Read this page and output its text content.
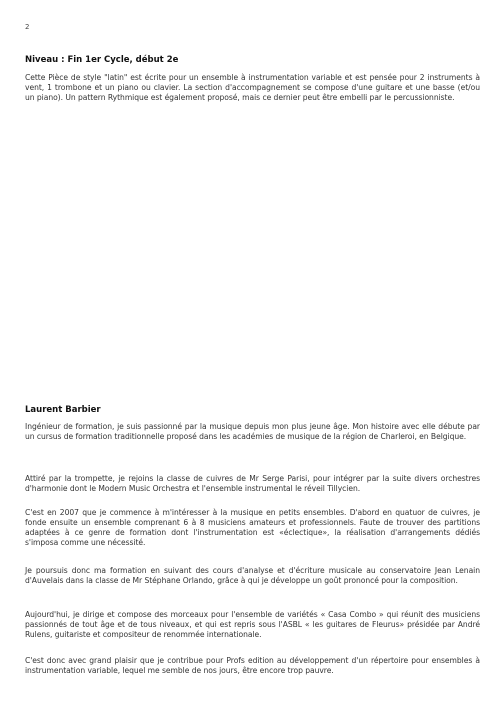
2
Niveau : Fin 1er Cycle, début 2e

Cette Pièce de style "latin" est écrite pour un ensemble à instrumentation variable et est pensée pour 2 instruments à vent, 1 trombone et un piano ou clavier. La section d'accompagnement se compose d'une guitare et une basse (et/ou un piano). Un pattern Rythmique est également proposé, mais ce dernier peut être embelli par le percussionniste.

Laurent Barbier

Ingénieur de formation, je suis passionné par la musique depuis mon plus jeune âge. Mon histoire avec elle débute par un cursus de formation traditionnelle proposé dans les académies de musique de la région de Charleroi, en Belgique.

Attiré par la trompette, je rejoins la classe de cuivres de Mr Serge Parisi, pour intégrer par la suite divers orchestres d'harmonie dont le Modern Music Orchestra et l'ensemble instrumental le réveil Tillycien.

C'est en 2007 que je commence à m'intéresser à la musique en petits ensembles. D'abord en quatuor de cuivres, je fonde ensuite un ensemble comprenant 6 à 8 musiciens amateurs et professionnels. Faute de trouver des partitions adaptées à ce genre de formation dont l'instrumentation est «éclectique», la réalisation d'arrangements dédiés s'imposa comme une nécessité.

Je poursuis donc ma formation en suivant des cours d'analyse et d'écriture musicale au conservatoire Jean Lenain d'Auvelais dans la classe de Mr Stéphane Orlando, grâce à qui je développe un goût prononcé pour la composition.

Aujourd'hui, je dirige et compose des morceaux pour l'ensemble de variétés « Casa Combo » qui réunit des musiciens passionnés de tout âge et de tous niveaux, et qui est repris sous l'ASBL « les guitares de Fleurus» présidée par André Rulens, guitariste et compositeur de renommée internationale.

C'est donc avec grand plaisir que je contribue pour Profs edition au développement d'un répertoire pour ensembles à instrumentation variable, lequel me semble de nos jours, être encore trop pauvre.
